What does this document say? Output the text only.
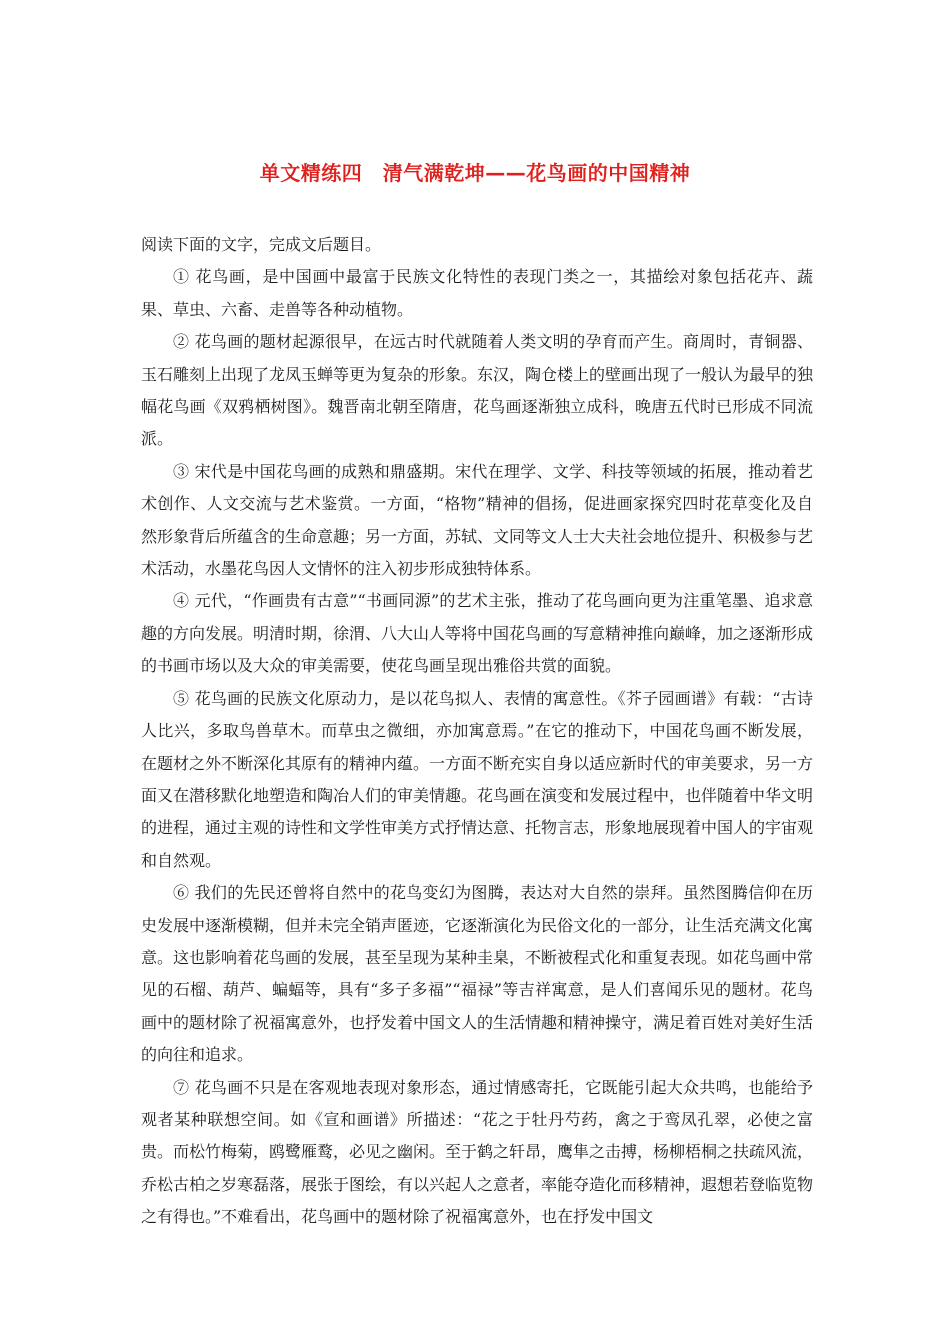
单文精练四　清气满乾坤——花鸟画的中国精神

阅读下面的文字，完成文后题目。

① 花鸟画，是中国画中最富于民族文化特性的表现门类之一，其描绘对象包括花卉、蔬果、草虫、六畜、走兽等各种动植物。

② 花鸟画的题材起源很早，在远古时代就随着人类文明的孕育而产生。商周时，青铜器、玉石雕刻上出现了龙凤玉蝉等更为复杂的形象。东汉，陶仓楼上的壁画出现了一般认为最早的独幅花鸟画《双鸦栖树图》。魏晋南北朝至隋唐，花鸟画逐渐独立成科，晚唐五代时已形成不同流派。

③ 宋代是中国花鸟画的成熟和鼎盛期。宋代在理学、文学、科技等领域的拓展，推动着艺术创作、人文交流与艺术鉴赏。一方面，“格物”精神的倡扬，促进画家探究四时花草变化及自然形象背后所蕴含的生命意趣；另一方面，苏轼、文同等文人士大夫社会地位提升、积极参与艺术活动，水墨花鸟因人文情怀的注入初步形成独特体系。

④ 元代，“作画贵有古意”“书画同源”的艺术主张，推动了花鸟画向更为注重笔墨、追求意趣的方向发展。明清时期，徐渭、八大山人等将中国花鸟画的写意精神推向巅峰，加之逐渐形成的书画市场以及大众的审美需要，使花鸟画呈现出雅俗共赏的面貌。

⑤ 花鸟画的民族文化原动力，是以花鸟拟人、表情的寓意性。《芥子园画谱》有载：“古诗人比兴，多取鸟兽草木。而草虫之微细，亦加寓意焉。”在它的推动下，中国花鸟画不断发展，在题材之外不断深化其原有的精神内蕴。一方面不断充实自身以适应新时代的审美要求，另一方面又在潜移默化地塑造和陶冶人们的审美情趣。花鸟画在演变和发展过程中，也伴随着中华文明的进程，通过主观的诗性和文学性审美方式抒情达意、托物言志，形象地展现着中国人的宇宙观和自然观。

⑥ 我们的先民还曾将自然中的花鸟变幻为图腾，表达对大自然的崇拜。虽然图腾信仰在历史发展中逐渐模糊，但并未完全销声匿迹，它逐渐演化为民俗文化的一部分，让生活充满文化寓意。这也影响着花鸟画的发展，甚至呈现为某种圭臬，不断被程式化和重复表现。如花鸟画中常见的石榴、葫芦、蝙蝠等，具有“多子多福”“福禄”等吉祥寓意，是人们喜闻乐见的题材。花鸟画中的题材除了祝福寓意外，也抒发着中国文人的生活情趣和精神操守，满足着百姓对美好生活的向往和追求。

⑦ 花鸟画不只是在客观地表现对象形态，通过情感寄托，它既能引起大众共鸣，也能给予观者某种联想空间。如《宣和画谱》所描述：“花之于牡丹芍药，禽之于鸾凤孔翠，必使之富贵。而松竹梅菊，鸥鹭雁鹜，必见之幽闲。至于鹤之轩昂，鹰隼之击搏，杨柳梧桐之扶疏风流，乔松古柏之岁寒磊落，展张于图绘，有以兴起人之意者，率能夺造化而移精神，遐想若登临览物之有得也。”不难看出，花鸟画中的题材除了祝福寓意外，也在抒发中国文
